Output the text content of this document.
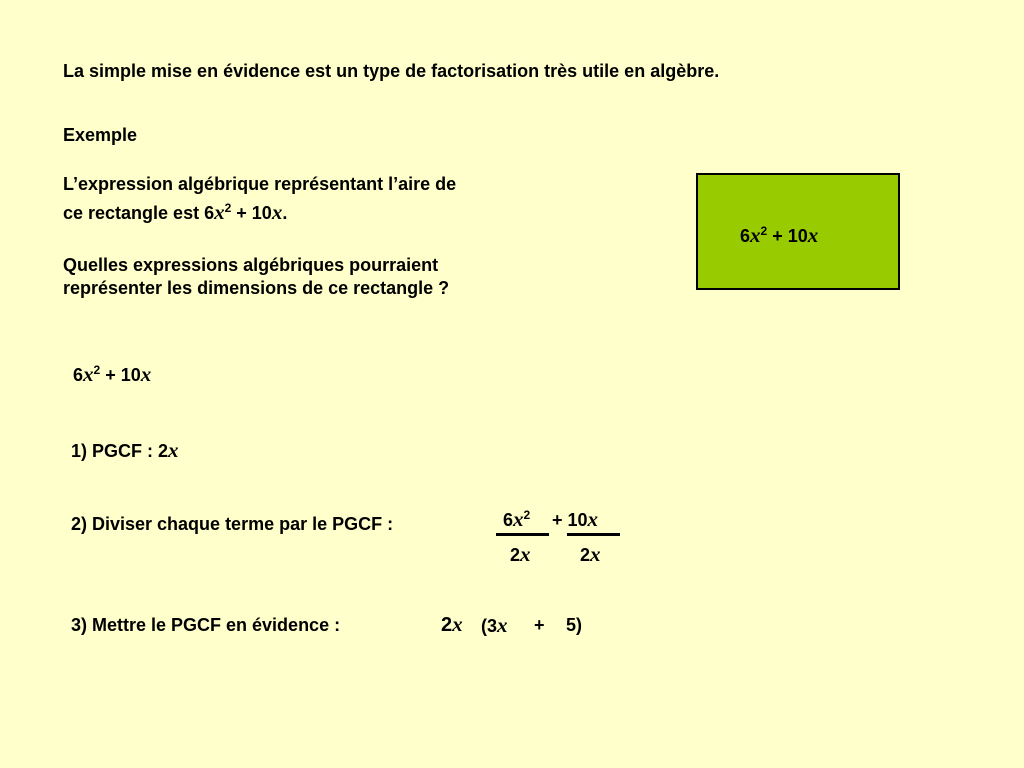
La simple mise en évidence est un type de factorisation très utile en algèbre.
Exemple
L’expression algébrique représentant l’aire de
ce rectangle est $6x^2 + 10x$.
Quelles expressions algébriques pourraient
représenter les dimensions de ce rectangle ?
$6x^2 + 10x$
$6x^2 + 10x$
1) PGCF : 2x
2) Diviser chaque terme par le PGCF :	$6x^2 + 10x$
2x	2x
3) Mettre le PGCF en évidence :	2x (3x + 5)
